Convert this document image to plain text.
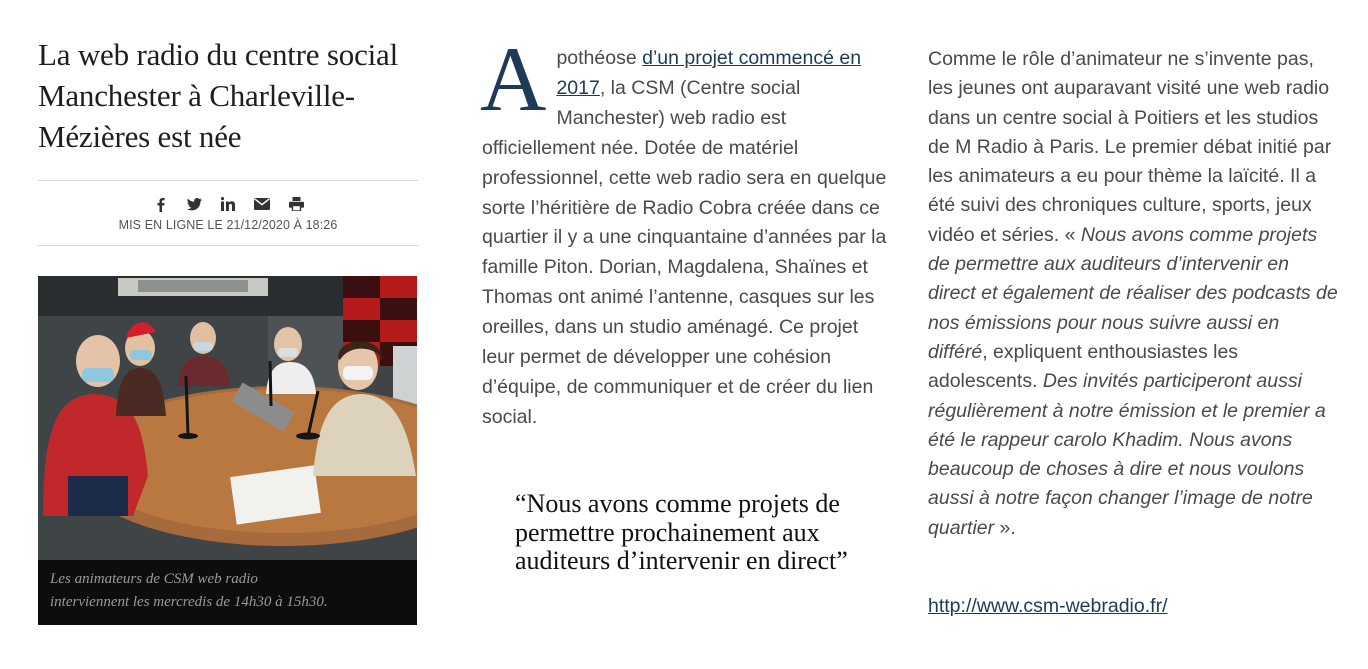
La web radio du centre social Manchester à Charleville-Mézières est née
MIS EN LIGNE LE 21/12/2020 À 18:26
Les animateurs de CSM web radio
interviennent les mercredis de 14h30 à 15h30.

Apothéose d’un projet commencé en 2017, la CSM (Centre social Manchester) web radio est officiellement née. Dotée de matériel professionnel, cette web radio sera en quelque sorte l’héritière de Radio Cobra créée dans ce quartier il y a une cinquantaine d’années par la famille Piton. Dorian, Magdalena, Shaïnes et Thomas ont animé l’antenne, casques sur les oreilles, dans un studio aménagé. Ce projet leur permet de développer une cohésion d’équipe, de communiquer et de créer du lien social.

“Nous avons comme projets de permettre prochainement aux auditeurs d’intervenir en direct”

Comme le rôle d’animateur ne s’invente pas, les jeunes ont auparavant visité une web radio dans un centre social à Poitiers et les studios de M Radio à Paris. Le premier débat initié par les animateurs a eu pour thème la laïcité. Il a été suivi des chroniques culture, sports, jeux vidéo et séries. « Nous avons comme projets de permettre aux auditeurs d’intervenir en direct et également de réaliser des podcasts de nos émissions pour nous suivre aussi en différé, expliquent enthousiastes les adolescents. Des invités participeront aussi régulièrement à notre émission et le premier a été le rappeur carolo Khadim. Nous avons beaucoup de choses à dire et nous voulons aussi à notre façon changer l’image de notre quartier ».

http://www.csm-webradio.fr/
